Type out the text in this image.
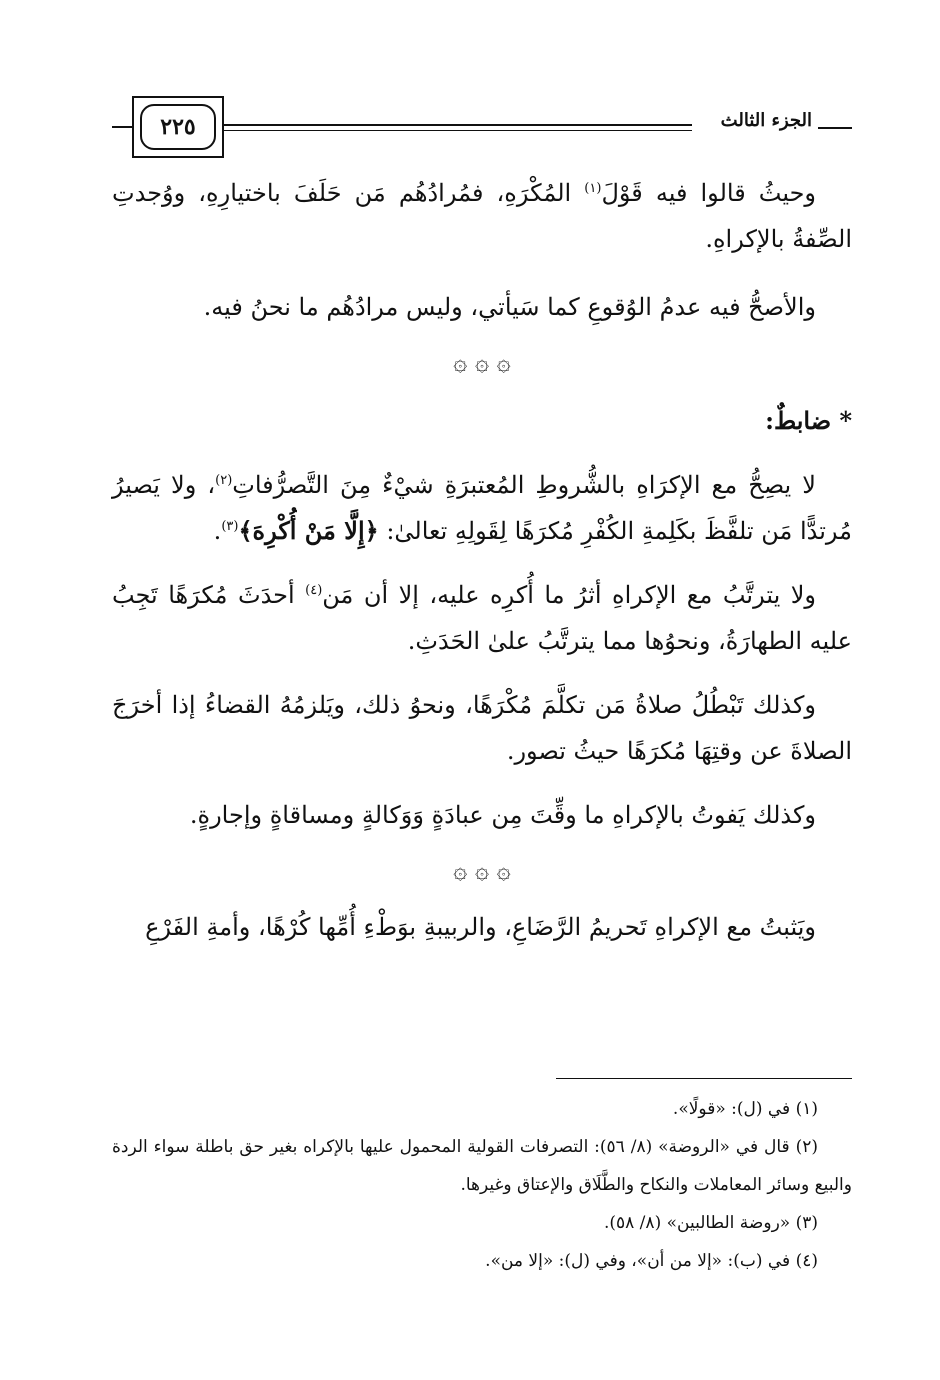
٢٢٥	الجزء الثالث

وحيثُ قالوا فيه قَوْلَ$^{(١)}$ المُكْرَهِ، فمُرادُهُم مَن حَلَفَ باختيارِهِ، ووُجدتِ الصِّفةُ بالإكراهِ.

والأصحُّ فيه عدمُ الوُقوعِ كما سَيأتي، وليس مرادُهُم ما نحنُ فيه.

۞ ۞ ۞

* ضابطٌ:

لا يصِحُّ مع الإكرَاهِ بالشُّروطِ المُعتبرَةِ شيْءٌ مِنَ التَّصرُّفاتِ$^{(٢)}$، ولا يَصيرُ مُرتدًّا مَن تلفَّظَ بكَلِمةِ الكُفْرِ مُكرَهًا لِقَولِهِ تعالىٰ: ﴿إِلَّا مَنْ أُكْرِهَ﴾$^{(٣)}$.

ولا يترتَّبُ مع الإكراهِ أثرُ ما أُكرِه عليه، إلا أن مَن$^{(٤)}$ أحدَثَ مُكرَهًا تَجِبُ عليه الطهارَةُ، ونحوُها مما يترتَّبُ علىٰ الحَدَثِ.

وكذلك تَبْطُلُ صلاةُ مَن تكلَّمَ مُكْرَهًا، ونحوُ ذلك، ويَلزمُهُ القضاءُ إذا أخرَجَ الصلاةَ عن وقتِهَا مُكرَهًا حيثُ تصور.

وكذلك يَفوتُ بالإكراهِ ما وقِّتَ مِن عبادَةٍ وَوَكالةٍ ومساقاةٍ وإجارةٍ.

۞ ۞ ۞

ويَثبتُ مع الإكراهِ تَحريمُ الرَّضَاعِ، والربيبةِ بوَطْءِ أُمِّها كُرْهًا، وأمةِ الفَرْعِ

(١) في (ل): «قولًا».

(٢) قال في «الروضة» (٨/ ٥٦): التصرفات القولية المحمول عليها بالإكراه بغير حق باطلة سواء الردة والبيع وسائر المعاملات والنكاح والطَّلَاق والإعتاق وغيرها.

(٣) «روضة الطالبين» (٨/ ٥٨).

(٤) في (ب): «إلا من أن»، وفي (ل): «إلا من».
